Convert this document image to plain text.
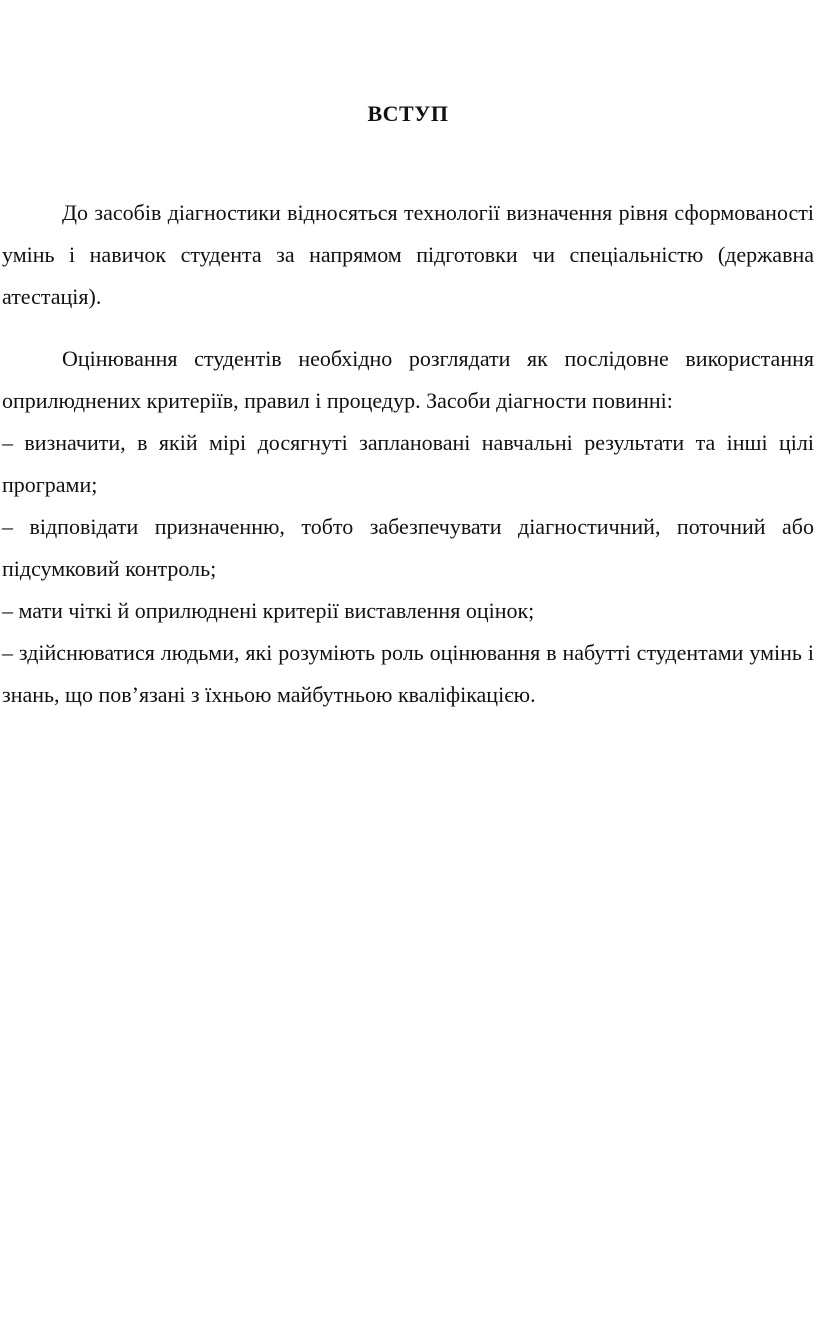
ВСТУП

До засобів діагностики відносяться технології визначення рівня сформованості умінь і навичок студента за напрямом підготовки чи спеціальністю (державна атестація).

Оцінювання студентів необхідно розглядати як послідовне використання оприлюднених критеріїв, правил і процедур. Засоби діагности повинні:

– визначити, в якій мірі досягнуті заплановані навчальні результати та інші цілі програми;
– відповідати призначенню, тобто забезпечувати діагностичний, поточний або підсумковий контроль;
– мати чіткі й оприлюднені критерії виставлення оцінок;
– здійснюватися людьми, які розуміють роль оцінювання в набутті студентами умінь і знань, що пов’язані з їхньою майбутньою кваліфікацією.
